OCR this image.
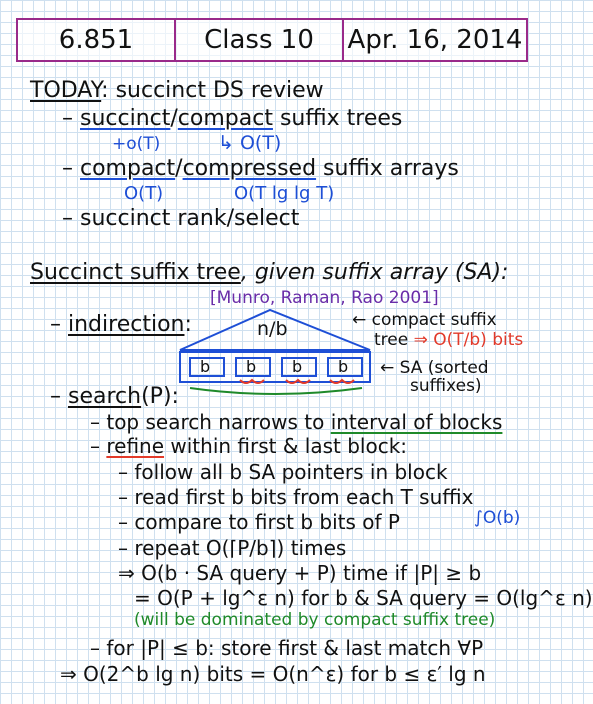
6.851	Class 10	Apr. 16, 2014
TODAY: succinct DS review
– succinct/compact suffix trees
+o(T)	↳ O(T)
– compact/compressed suffix arrays
O(T)	O(T lg lg T)
– succinct rank/select
Succinct suffix tree, given suffix array (SA):
[Munro, Raman, Rao 2001]
– indirection:	n/b
b b b b
← compact suffix
tree ⇒ O(T/b) bits
← SA (sorted
suffixes)
– search(P):
– top search narrows to interval of blocks
– refine within first & last block:
– follow all b SA pointers in block
– read first b bits from each T suffix
– compare to first b bits of P	∫O(b)
– repeat O(⌈P/b⌉) times
⇒ O(b · SA query + P) time if |P| ≥ b
= O(P + lg^ε n) for b & SA query = O(lg^ε n)
(will be dominated by compact suffix tree)
– for |P| ≤ b: store first & last match ∀P
⇒ O(2^b lg n) bits = O(n^ε) for b ≤ ε′ lg n
